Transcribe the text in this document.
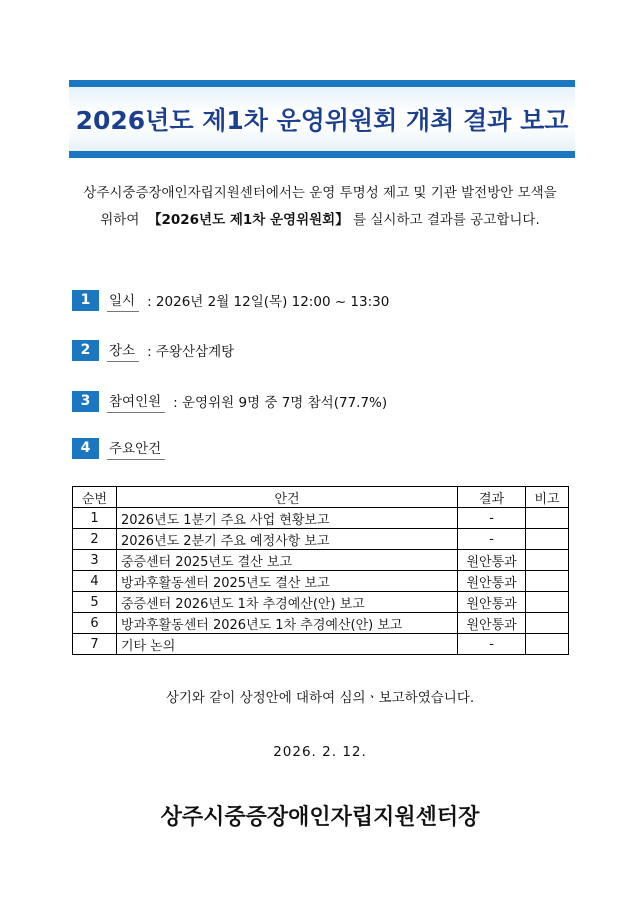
2026년도 제1차 운영위원회 개최 결과 보고
상주시중증장애인자립지원센터에서는 운영 투명성 제고 및 기관 발전방안 모색을
위하여 【2026년도 제1차 운영위원회】 를 실시하고 결과를 공고합니다.
1	일시 : 2026년 2월 12일(목) 12:00 ~ 13:30
2	장소 : 주왕산삼계탕
3	참여인원 : 운영위원 9명 중 7명 참석(77.7%)
4	주요안건
순번	안건	결과	비고
1	2026년도 1분기 주요 사업 현황보고	-	
2	2026년도 2분기 주요 예정사항 보고	-	
3	중증센터 2025년도 결산 보고	원안통과	
4	방과후활동센터 2025년도 결산 보고	원안통과	
5	중증센터 2026년도 1차 추경예산(안) 보고	원안통과	
6	방과후활동센터 2026년도 1차 추경예산(안) 보고	원안통과	
7	기타 논의	-	
상기와 같이 상정안에 대하여 심의ㆍ보고하였습니다.
2026. 2. 12.
상주시중증장애인자립지원센터장
